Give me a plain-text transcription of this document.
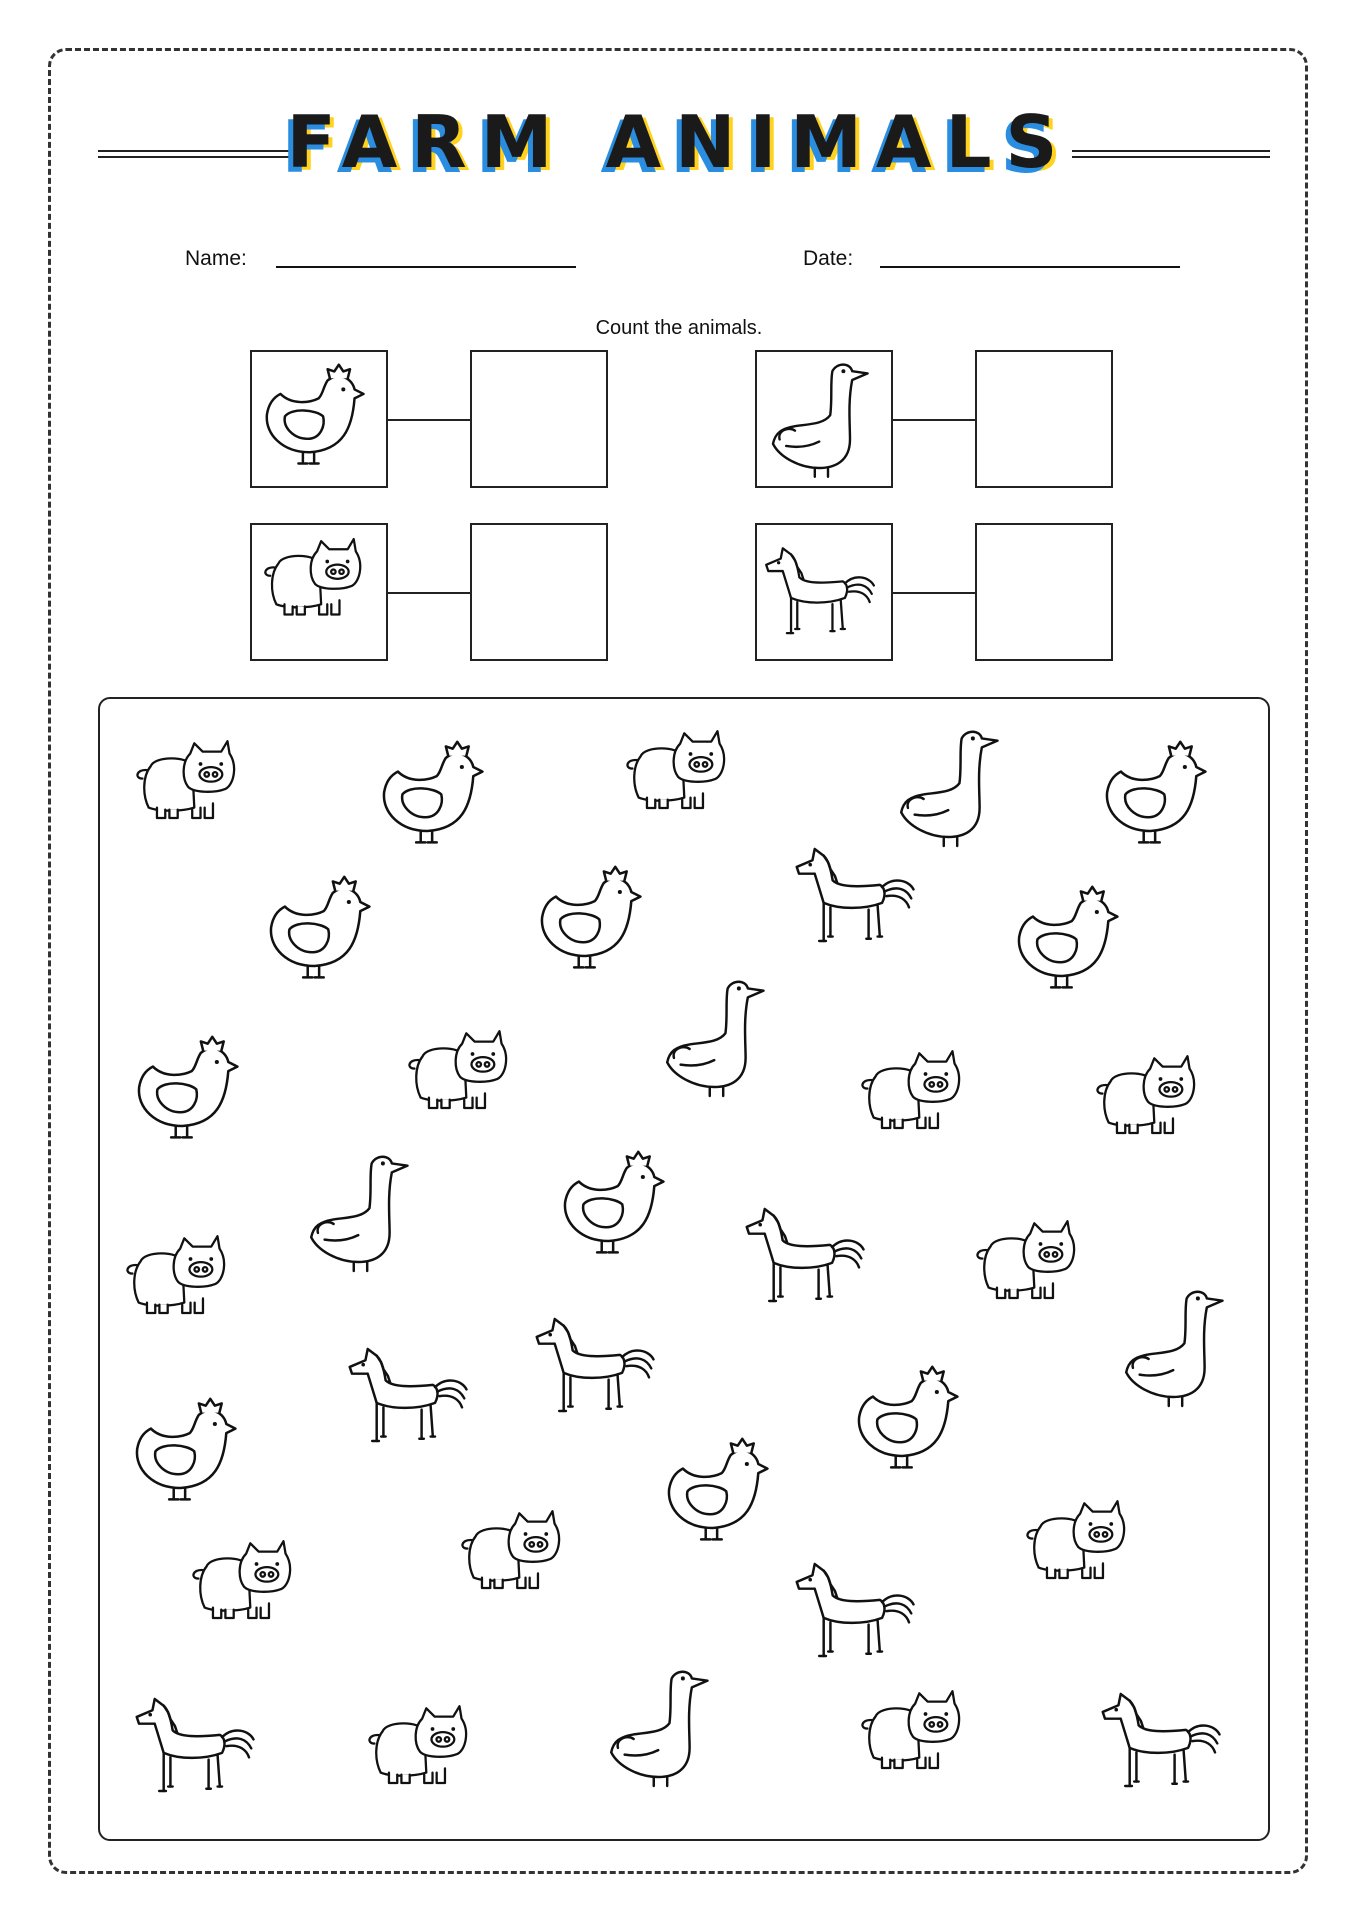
FARM ANIMALS
Name:	Date:
Count the animals.
